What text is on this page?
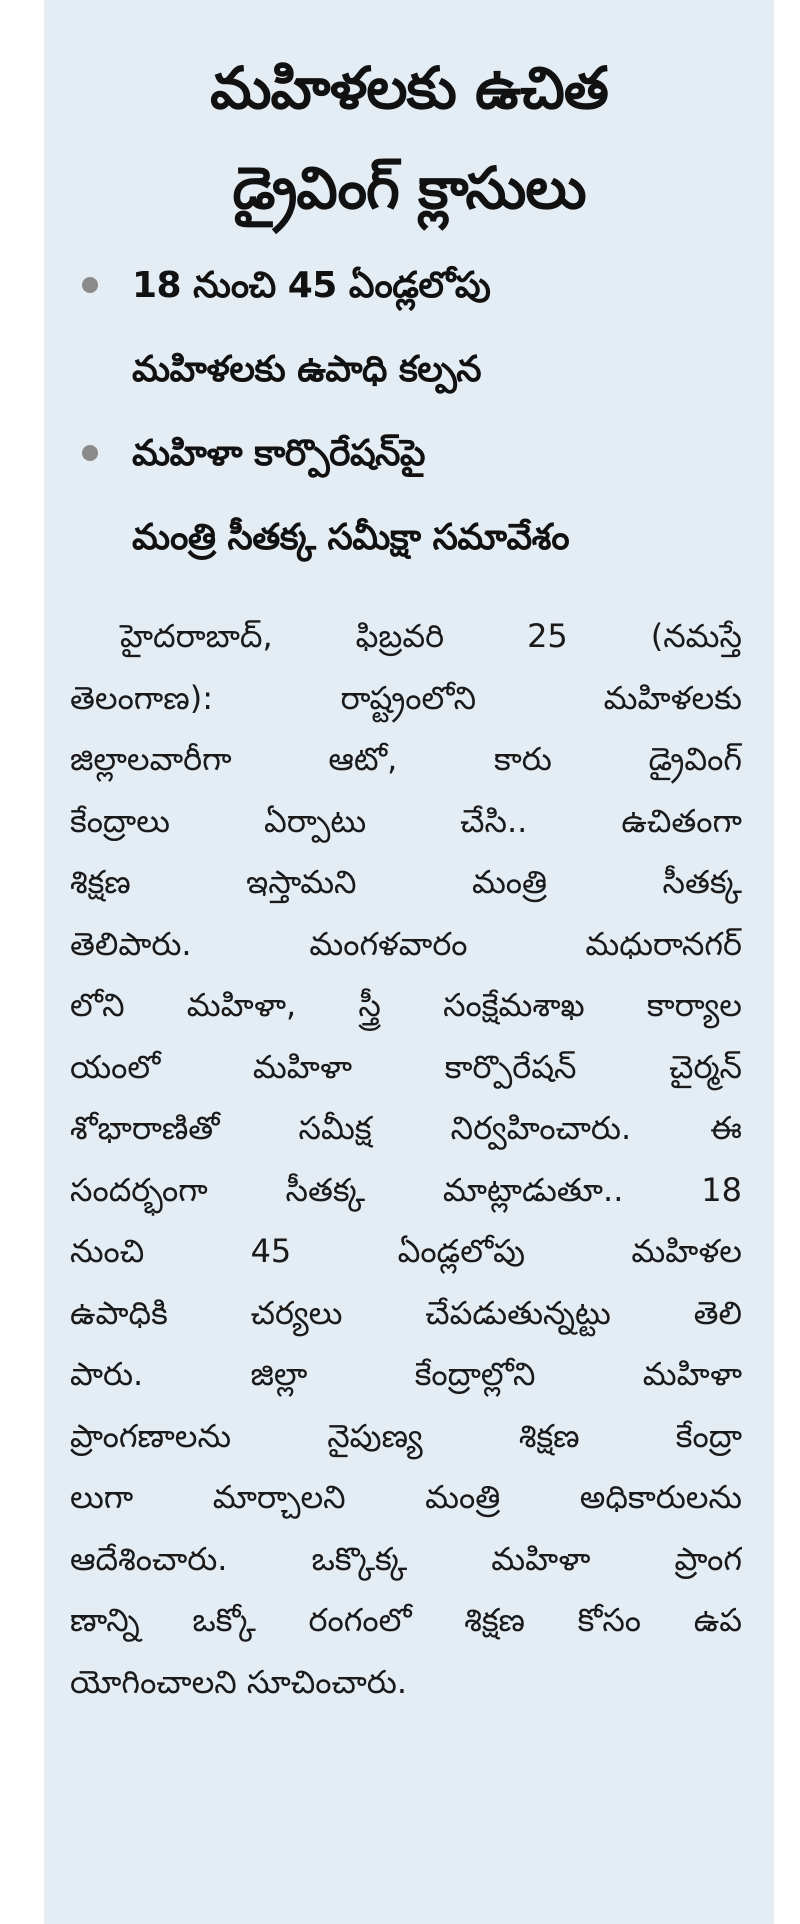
మహిళలకు ఉచిత
డ్రైవింగ్ క్లాసులు
18 నుంచి 45 ఏండ్లలోపు
మహిళలకు ఉపాధి కల్పన
మహిళా కార్పొరేషన్‌పై
మంత్రి సీతక్క సమీక్షా సమావేశం
హైదరాబాద్, ఫిబ్రవరి 25 (నమస్తే
తెలంగాణ): రాష్ట్రంలోని మహిళలకు
జిల్లాలవారీగా ఆటో, కారు డ్రైవింగ్
కేంద్రాలు ఏర్పాటు చేసి.. ఉచితంగా
శిక్షణ ఇస్తామని మంత్రి సీతక్క
తెలిపారు. మంగళవారం మధురానగర్
లోని మహిళా, స్త్రీ సంక్షేమశాఖ కార్యాల
యంలో మహిళా కార్పొరేషన్ చైర్మన్
శోభారాణితో సమీక్ష నిర్వహించారు. ఈ
సందర్భంగా సీతక్క మాట్లాడుతూ.. 18
నుంచి 45 ఏండ్లలోపు మహిళల
ఉపాధికి చర్యలు చేపడుతున్నట్టు తెలి
పారు. జిల్లా కేంద్రాల్లోని మహిళా
ప్రాంగణాలను నైపుణ్య శిక్షణ కేంద్రా
లుగా మార్చాలని మంత్రి అధికారులను
ఆదేశించారు. ఒక్కొక్క మహిళా ప్రాంగ
ణాన్ని ఒక్కో రంగంలో శిక్షణ కోసం ఉప
యోగించాలని సూచించారు.
